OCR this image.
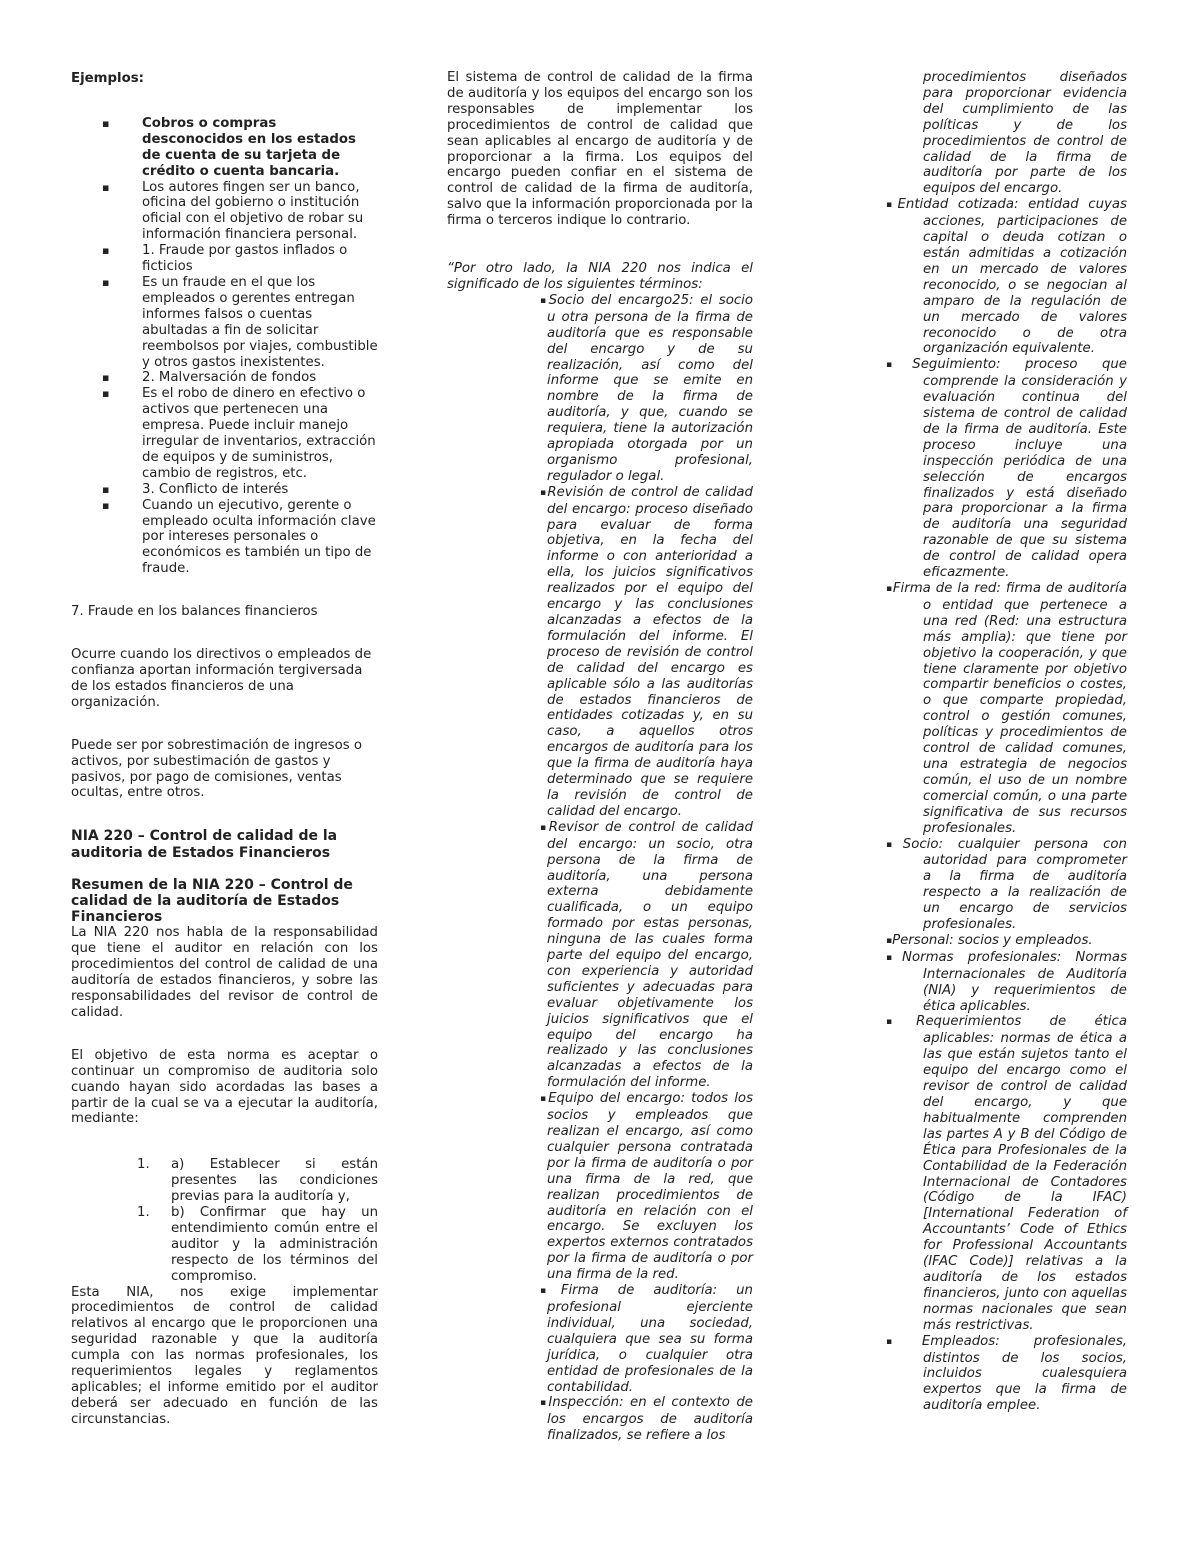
Ejemplos:

▪ Cobros o compras desconocidos en los estados de cuenta de su tarjeta de crédito o cuenta bancaria.
▪ Los autores fingen ser un banco, oficina del gobierno o institución oficial con el objetivo de robar su información financiera personal.
▪ 1. Fraude por gastos inflados o ficticios
▪ Es un fraude en el que los empleados o gerentes entregan informes falsos o cuentas abultadas a fin de solicitar reembolsos por viajes, combustible y otros gastos inexistentes.
▪ 2. Malversación de fondos
▪ Es el robo de dinero en efectivo o activos que pertenecen una empresa. Puede incluir manejo irregular de inventarios, extracción de equipos y de suministros, cambio de registros, etc.
▪ 3. Conflicto de interés
▪ Cuando un ejecutivo, gerente o empleado oculta información clave por intereses personales o económicos es también un tipo de fraude.

7. Fraude en los balances financieros

Ocurre cuando los directivos o empleados de confianza aportan información tergiversada de los estados financieros de una organización.

Puede ser por sobrestimación de ingresos o activos, por subestimación de gastos y pasivos, por pago de comisiones, ventas ocultas, entre otros.

NIA 220 – Control de calidad de la auditoria de Estados Financieros

Resumen de la NIA 220 – Control de calidad de la auditoría de Estados Financieros

La NIA 220 nos habla de la responsabilidad que tiene el auditor en relación con los procedimientos del control de calidad de una auditoría de estados financieros, y sobre las responsabilidades del revisor de control de calidad.

El objetivo de esta norma es aceptar o continuar un compromiso de auditoria solo cuando hayan sido acordadas las bases a partir de la cual se va a ejecutar la auditoría, mediante:

1. a) Establecer si están presentes las condiciones previas para la auditoría y,
1. b) Confirmar que hay un entendimiento común entre el auditor y la administración respecto de los términos del compromiso.

Esta NIA, nos exige implementar procedimientos de control de calidad relativos al encargo que le proporcionen una seguridad razonable y que la auditoría cumpla con las normas profesionales, los requerimientos legales y reglamentos aplicables; el informe emitido por el auditor deberá ser adecuado en función de las circunstancias.

El sistema de control de calidad de la firma de auditoría y los equipos del encargo son los responsables de implementar los procedimientos de control de calidad que sean aplicables al encargo de auditoría y de proporcionar a la firma. Los equipos del encargo pueden confiar en el sistema de control de calidad de la firma de auditoría, salvo que la información proporcionada por la firma o terceros indique lo contrario.

“Por otro lado, la NIA 220 nos indica el significado de los siguientes términos:

▪Socio del encargo25: el socio u otra persona de la firma de auditoría que es responsable del encargo y de su realización, así como del informe que se emite en nombre de la firma de auditoría, y que, cuando se requiera, tiene la autorización apropiada otorgada por un organismo profesional, regulador o legal.
▪Revisión de control de calidad del encargo: proceso diseñado para evaluar de forma objetiva, en la fecha del informe o con anterioridad a ella, los juicios significativos realizados por el equipo del encargo y las conclusiones alcanzadas a efectos de la formulación del informe. El proceso de revisión de control de calidad del encargo es aplicable sólo a las auditorías de estados financieros de entidades cotizadas y, en su caso, a aquellos otros encargos de auditoría para los que la firma de auditoría haya determinado que se requiere la revisión de control de calidad del encargo.
▪Revisor de control de calidad del encargo: un socio, otra persona de la firma de auditoría, una persona externa debidamente cualificada, o un equipo formado por estas personas, ninguna de las cuales forma parte del equipo del encargo, con experiencia y autoridad suficientes y adecuadas para evaluar objetivamente los juicios significativos que el equipo del encargo ha realizado y las conclusiones alcanzadas a efectos de la formulación del informe.
▪Equipo del encargo: todos los socios y empleados que realizan el encargo, así como cualquier persona contratada por la firma de auditoría o por una firma de la red, que realizan procedimientos de auditoría en relación con el encargo. Se excluyen los expertos externos contratados por la firma de auditoría o por una firma de la red.
▪Firma de auditoría: un profesional ejerciente individual, una sociedad, cualquiera que sea su forma jurídica, o cualquier otra entidad de profesionales de la contabilidad.
▪Inspección: en el contexto de los encargos de auditoría finalizados, se refiere a los

procedimientos diseñados para proporcionar evidencia del cumplimiento de las políticas y de los procedimientos de control de calidad de la firma de auditoría por parte de los equipos del encargo.

▪Entidad cotizada: entidad cuyas acciones, participaciones de capital o deuda cotizan o están admitidas a cotización en un mercado de valores reconocido, o se negocian al amparo de la regulación de un mercado de valores reconocido o de otra organización equivalente.
▪Seguimiento: proceso que comprende la consideración y evaluación continua del sistema de control de calidad de la firma de auditoría. Este proceso incluye una inspección periódica de una selección de encargos finalizados y está diseñado para proporcionar a la firma de auditoría una seguridad razonable de que su sistema de control de calidad opera eficazmente.
▪Firma de la red: firma de auditoría o entidad que pertenece a una red (Red: una estructura más amplia): que tiene por objetivo la cooperación, y que tiene claramente por objetivo compartir beneficios o costes, o que comparte propiedad, control o gestión comunes, políticas y procedimientos de control de calidad comunes, una estrategia de negocios común, el uso de un nombre comercial común, o una parte significativa de sus recursos profesionales.
▪Socio: cualquier persona con autoridad para comprometer a la firma de auditoría respecto a la realización de un encargo de servicios profesionales.
▪Personal: socios y empleados.
▪Normas profesionales: Normas Internacionales de Auditoría (NIA) y requerimientos de ética aplicables.
▪Requerimientos de ética aplicables: normas de ética a las que están sujetos tanto el equipo del encargo como el revisor de control de calidad del encargo, y que habitualmente comprenden las partes A y B del Código de Ética para Profesionales de la Contabilidad de la Federación Internacional de Contadores (Código de la IFAC) [International Federation of Accountants’ Code of Ethics for Professional Accountants (IFAC Code)] relativas a la auditoría de los estados financieros, junto con aquellas normas nacionales que sean más restrictivas.
▪Empleados: profesionales, distintos de los socios, incluidos cualesquiera expertos que la firma de auditoría emplee.
